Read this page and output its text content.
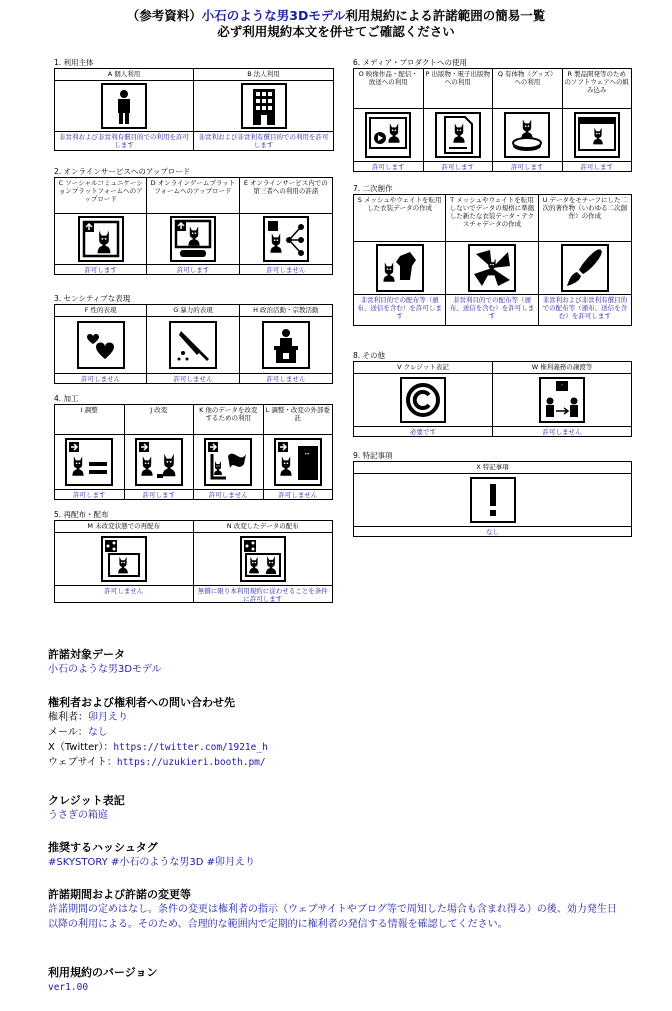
（参考資料）小石のような男3Dモデル利用規約による許諾範囲の簡易一覧
必ず利用規約本文を併せてご確認ください
1. 利用主体
A 個人利用
非営利および非営利有償目的での利用を許可します
B 法人利用
非営利および非営利有償目的での利用を許可します
2. オンラインサービスへのアップロード
C ソーシャルコミュニケーションプラットフォームへのアップロード
許可します
D オンラインゲームプラットフォームへのアップロード
許可します
E オンラインサービス内での第三者への利用の許諾
許可しません
3. センシティブな表現
F 性的表現
許可しません
G 暴力的表現
許可しません
H 政治活動・宗教活動
許可しません
4. 加工
I 調整
許可します
J 改変
許可します
K 他のデータを改変するための利用
許可しません
L 調整・改変の外部委託
許可しません
5. 再配布・配布
M 未改変状態での再配布
許可しません
N 改変したデータの配布
無償に限り本利用規約に従わせることを条件に許可します
6. メディア・プロダクトへの使用
O 映像作品・配信・放送への利用
許可します
P 出版物・電子出版物への利用
許可します
Q 有体物（グッズ）への利用
許可します
R 製品開発等のためのソフトウェアへの組み込み
許可します
7. 二次創作
S メッシュやウェイトを転用した衣装データの作成
非営利目的での配布等（頒布、送信を含む）を許可します
T メッシュやウェイトを転用しないでデータの規格に準拠した新たな衣装データ・テクスチャデータの作成
非営利目的での配布等（頒布、送信を含む）を許可します
U データをモチーフにした二次的著作物（いわゆる二次創作）の作成
非営利および非営利有償目的での配布等（頒布、送信を含む）を許可します
8. その他
V クレジット表記
必要です
W 権利義務の譲渡等
許可しません
9. 特記事項
X 特記事項
なし

許諾対象データ

小石のような男3Dモデル

権利者および権利者への問い合わせ先

権利者：卯月えり

メール：なし

X（Twitter）：https://twitter.com/1921e_h

ウェブサイト：https://uzukieri.booth.pm/

クレジット表記

うさぎの箱庭

推奨するハッシュタグ

#SKYSTORY #小石のような男3D #卯月えり

許諾期間および許諾の変更等

許諾期間の定めはなし。条件の変更は権利者の指示（ウェブサイトやブログ等で周知した場合も含まれ得る）の後、効力発生日以降の利用による。そのため、合理的な範囲内で定期的に権利者の発信する情報を確認してください。

利用規約のバージョン

ver1.00
